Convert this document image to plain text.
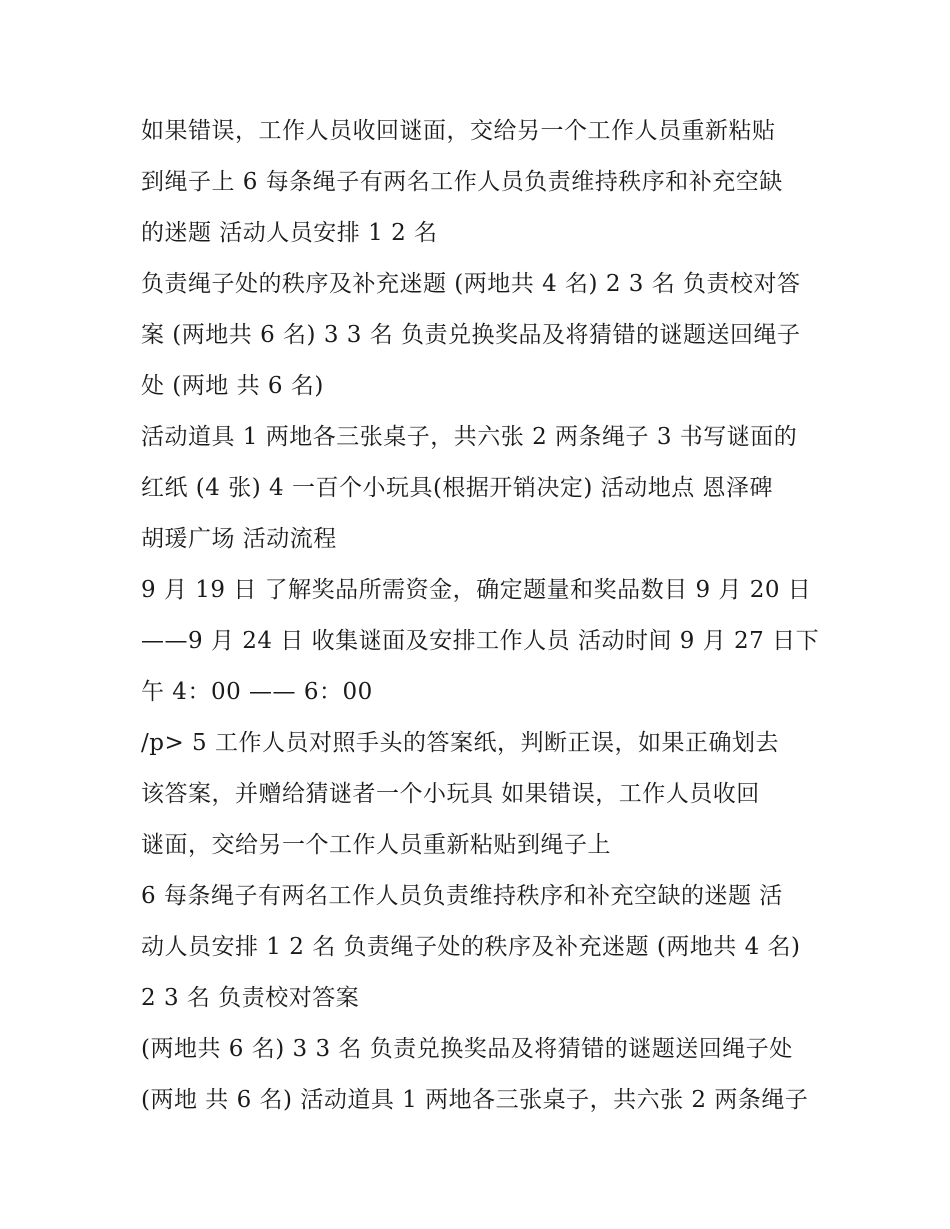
如果错误，工作人员收回谜面，交给另一个工作人员重新粘贴
到绳子上 6 每条绳子有两名工作人员负责维持秩序和补充空缺
的迷题 活动人员安排 1 2 名
负责绳子处的秩序及补充迷题 (两地共 4 名) 2 3 名 负责校对答
案 (两地共 6 名) 3 3 名 负责兑换奖品及将猜错的谜题送回绳子
处 (两地 共 6 名)
活动道具 1 两地各三张桌子，共六张 2 两条绳子 3 书写谜面的
红纸 (4 张) 4 一百个小玩具(根据开销决定) 活动地点 恩泽碑
胡瑗广场 活动流程
9 月 19 日 了解奖品所需资金，确定题量和奖品数目 9 月 20 日
——9 月 24 日 收集谜面及安排工作人员 活动时间 9 月 27 日下
午 4：00 —— 6：00
/p> 5 工作人员对照手头的答案纸，判断正误，如果正确划去
该答案，并赠给猜谜者一个小玩具 如果错误，工作人员收回
谜面，交给另一个工作人员重新粘贴到绳子上
6 每条绳子有两名工作人员负责维持秩序和补充空缺的迷题 活
动人员安排 1 2 名 负责绳子处的秩序及补充迷题 (两地共 4 名)
2 3 名 负责校对答案
(两地共 6 名) 3 3 名 负责兑换奖品及将猜错的谜题送回绳子处
(两地 共 6 名) 活动道具 1 两地各三张桌子，共六张 2 两条绳子
